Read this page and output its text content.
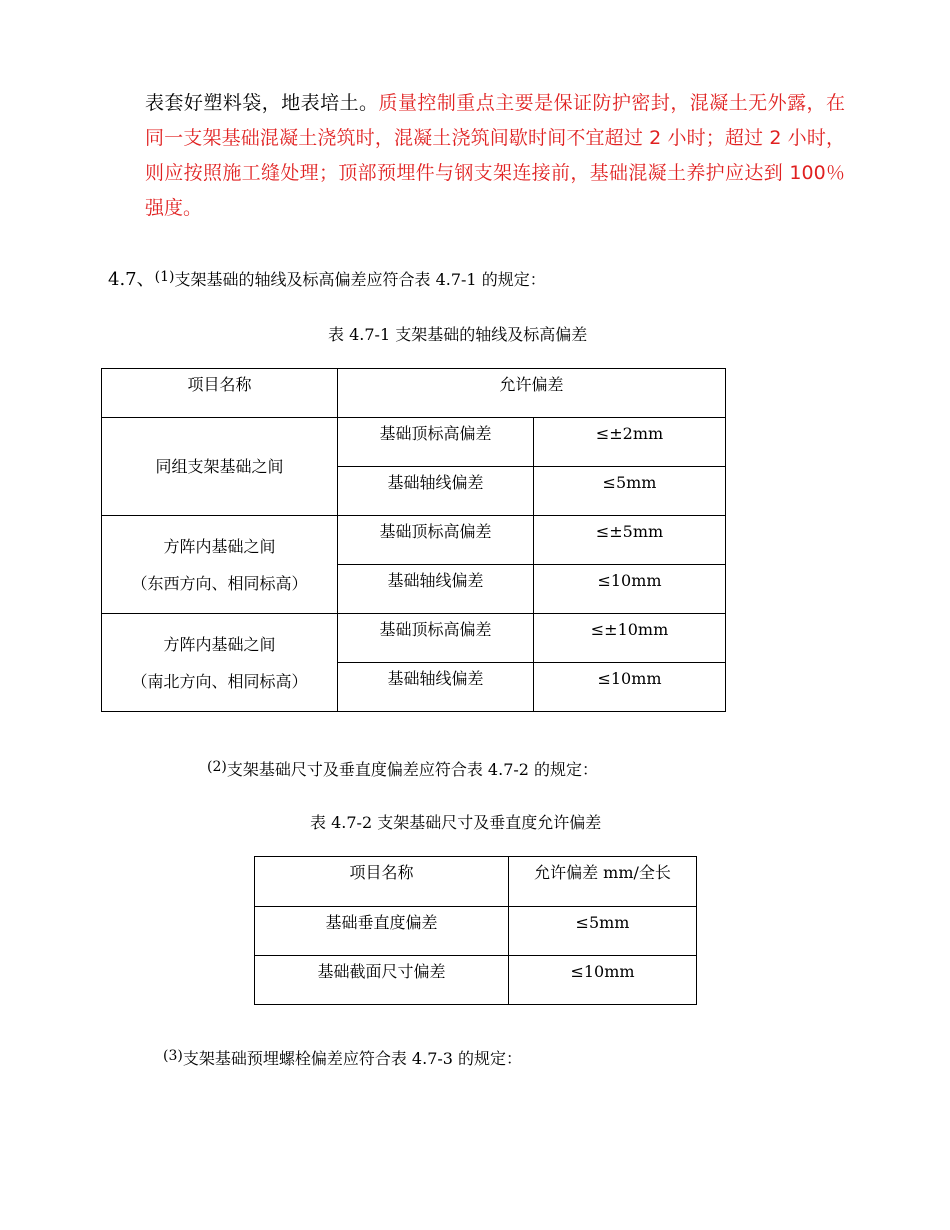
表套好塑料袋，地表培土。质量控制重点主要是保证防护密封，混凝土无外露，在同一支架基础混凝土浇筑时，混凝土浇筑间歇时间不宜超过 2 小时；超过 2 小时，则应按照施工缝处理；顶部预埋件与钢支架连接前，基础混凝土养护应达到 100％强度。
4.7、(1)支架基础的轴线及标高偏差应符合表 4.7-1 的规定：
表 4.7-1 支架基础的轴线及标高偏差
项目名称	允许偏差	

同组支架基础之间	基础顶标高偏差	≤±2mm

	基础轴线偏差	≤5mm

方阵内基础之间
（东西方向、相同标高）	基础顶标高偏差	≤±5mm

	基础轴线偏差	≤10mm

方阵内基础之间
（南北方向、相同标高）	基础顶标高偏差	≤±10mm

	基础轴线偏差	≤10mm
(2)支架基础尺寸及垂直度偏差应符合表 4.7-2 的规定：
表 4.7-2 支架基础尺寸及垂直度允许偏差
项目名称	允许偏差 mm/全长

基础垂直度偏差	≤5mm

基础截面尺寸偏差	≤10mm
(3)支架基础预埋螺栓偏差应符合表 4.7-3 的规定：
